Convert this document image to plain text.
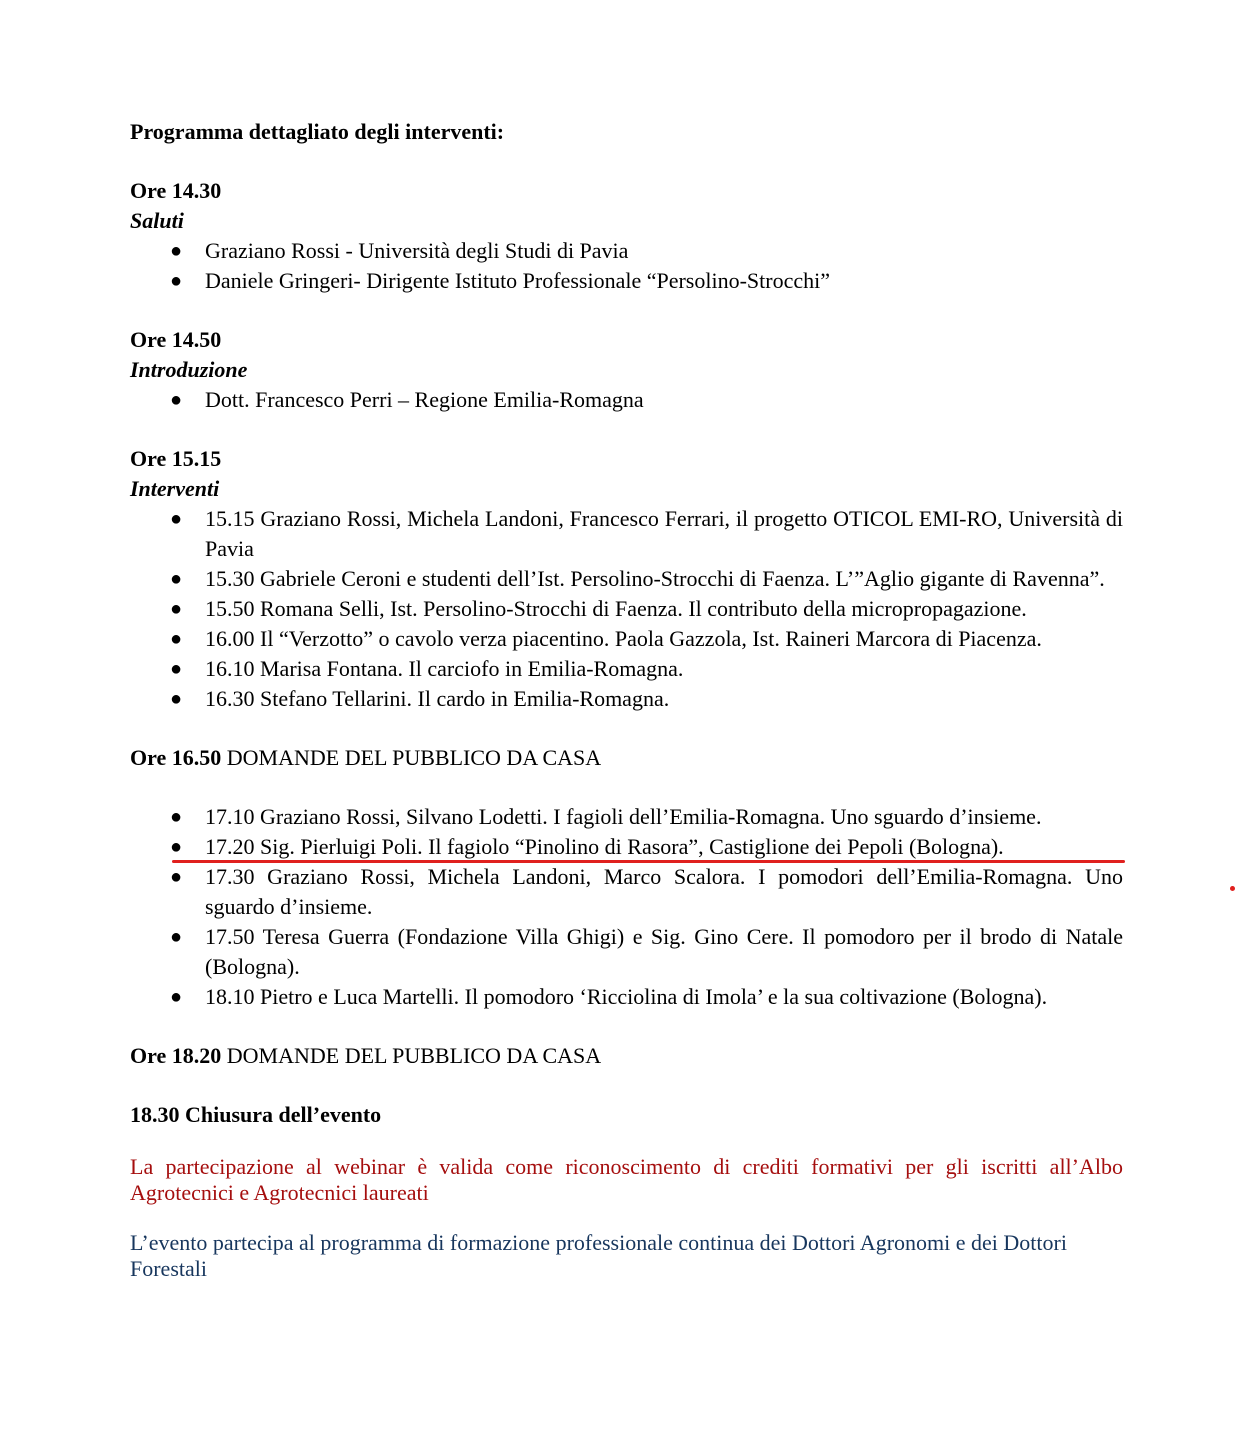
Programma dettagliato degli interventi:
Ore 14.30
Saluti
● Graziano Rossi - Università degli Studi di Pavia
● Daniele Gringeri- Dirigente Istituto Professionale “Persolino-Strocchi”
Ore 14.50
Introduzione
● Dott. Francesco Perri – Regione Emilia-Romagna
Ore 15.15
Interventi
● 15.15 Graziano Rossi, Michela Landoni, Francesco Ferrari, il progetto OTICOL EMI-RO, Università di Pavia
● 15.30 Gabriele Ceroni e studenti dell’Ist. Persolino-Strocchi di Faenza. L’”Aglio gigante di Ravenna”.
● 15.50 Romana Selli, Ist. Persolino-Strocchi di Faenza. Il contributo della micropropagazione.
● 16.00 Il “Verzotto” o cavolo verza piacentino. Paola Gazzola, Ist. Raineri Marcora di Piacenza.
● 16.10 Marisa Fontana. Il carciofo in Emilia-Romagna.
● 16.30 Stefano Tellarini. Il cardo in Emilia-Romagna.
Ore 16.50 DOMANDE DEL PUBBLICO DA CASA
● 17.10 Graziano Rossi, Silvano Lodetti. I fagioli dell’Emilia-Romagna. Uno sguardo d’insieme.
● 17.20 Sig. Pierluigi Poli. Il fagiolo “Pinolino di Rasora”, Castiglione dei Pepoli (Bologna).
● 17.30 Graziano Rossi, Michela Landoni, Marco Scalora. I pomodori dell’Emilia-Romagna. Uno sguardo d’insieme.
● 17.50 Teresa Guerra (Fondazione Villa Ghigi) e Sig. Gino Cere. Il pomodoro per il brodo di Natale (Bologna).
● 18.10 Pietro e Luca Martelli. Il pomodoro ‘Ricciolina di Imola’ e la sua coltivazione (Bologna).
Ore 18.20 DOMANDE DEL PUBBLICO DA CASA
18.30 Chiusura dell’evento
La partecipazione al webinar è valida come riconoscimento di crediti formativi per gli iscritti all’Albo Agrotecnici e Agrotecnici laureati
L’evento partecipa al programma di formazione professionale continua dei Dottori Agronomi e dei Dottori Forestali
